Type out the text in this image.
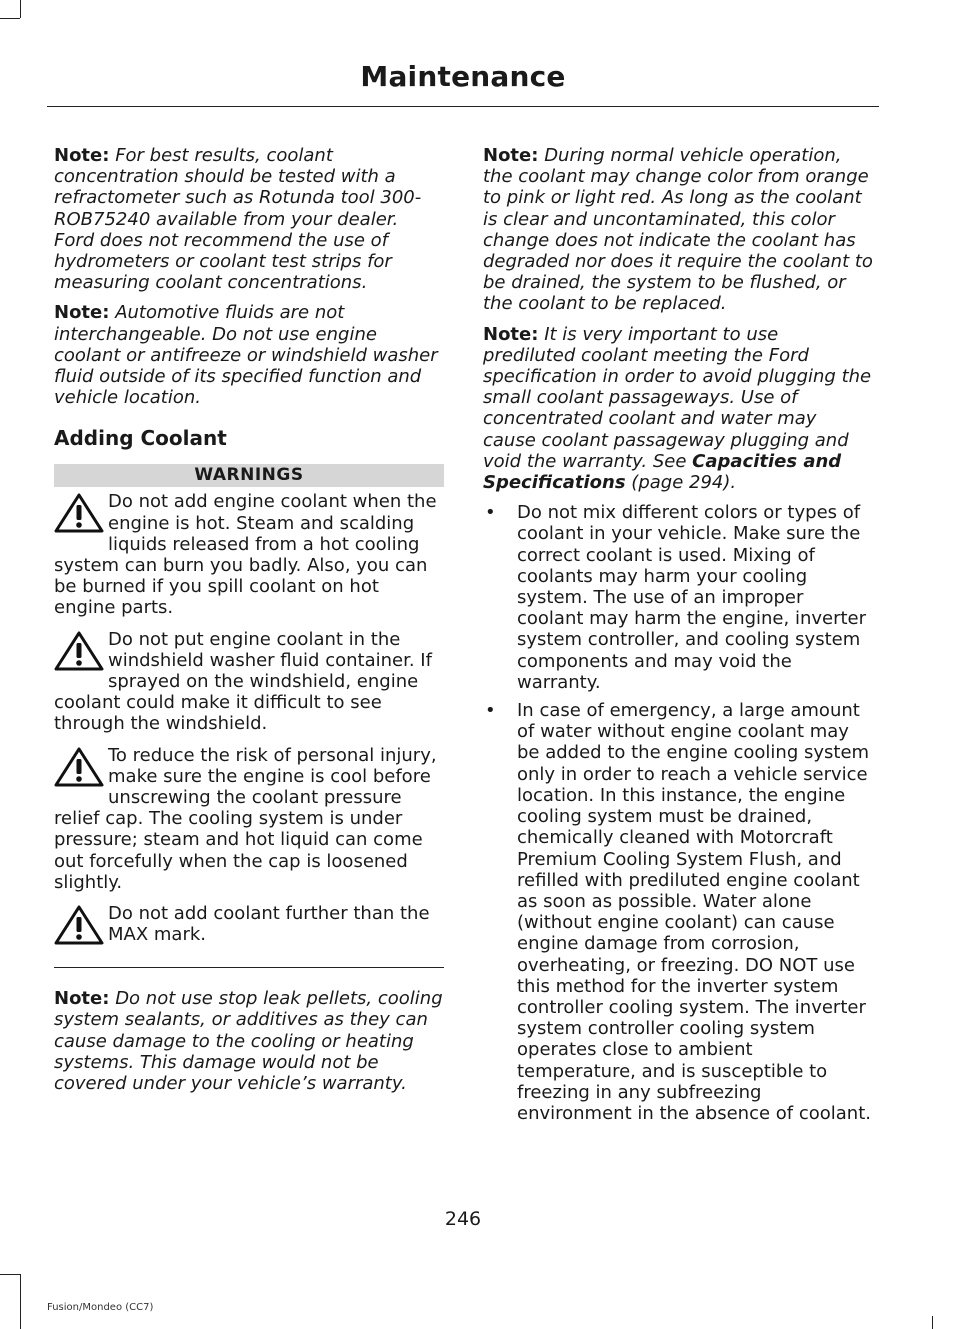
Maintenance

Note: For best results, coolant concentration should be tested with a refractometer such as Rotunda tool 300-ROB75240 available from your dealer. Ford does not recommend the use of hydrometers or coolant test strips for measuring coolant concentrations.

Note: Automotive fluids are not interchangeable. Do not use engine coolant or antifreeze or windshield washer fluid outside of its specified function and vehicle location.

Adding Coolant
WARNINGS
Do not add engine coolant when the engine is hot. Steam and scalding liquids released from a hot cooling system can burn you badly. Also, you can be burned if you spill coolant on hot engine parts.
Do not put engine coolant in the windshield washer fluid container. If sprayed on the windshield, engine coolant could make it difficult to see through the windshield.
To reduce the risk of personal injury, make sure the engine is cool before unscrewing the coolant pressure relief cap. The cooling system is under pressure; steam and hot liquid can come out forcefully when the cap is loosened slightly.
Do not add coolant further than the MAX mark.

Note: Do not use stop leak pellets, cooling system sealants, or additives as they can cause damage to the cooling or heating systems. This damage would not be covered under your vehicle’s warranty.

Note: During normal vehicle operation, the coolant may change color from orange to pink or light red. As long as the coolant is clear and uncontaminated, this color change does not indicate the coolant has degraded nor does it require the coolant to be drained, the system to be flushed, or the coolant to be replaced.

Note: It is very important to use prediluted coolant meeting the Ford specification in order to avoid plugging the small coolant passageways. Use of concentrated coolant and water may cause coolant passageway plugging and void the warranty. See Capacities and Specifications (page 294).

• Do not mix different colors or types of coolant in your vehicle. Make sure the correct coolant is used. Mixing of coolants may harm your cooling system. The use of an improper coolant may harm the engine, inverter system controller, and cooling system components and may void the warranty.
• In case of emergency, a large amount of water without engine coolant may be added to the engine cooling system only in order to reach a vehicle service location. In this instance, the engine cooling system must be drained, chemically cleaned with Motorcraft Premium Cooling System Flush, and refilled with prediluted engine coolant as soon as possible. Water alone (without engine coolant) can cause engine damage from corrosion, overheating, or freezing. DO NOT use this method for the inverter system controller cooling system. The inverter system controller cooling system operates close to ambient temperature, and is susceptible to freezing in any subfreezing environment in the absence of coolant.
246
Fusion/Mondeo (CC7)
